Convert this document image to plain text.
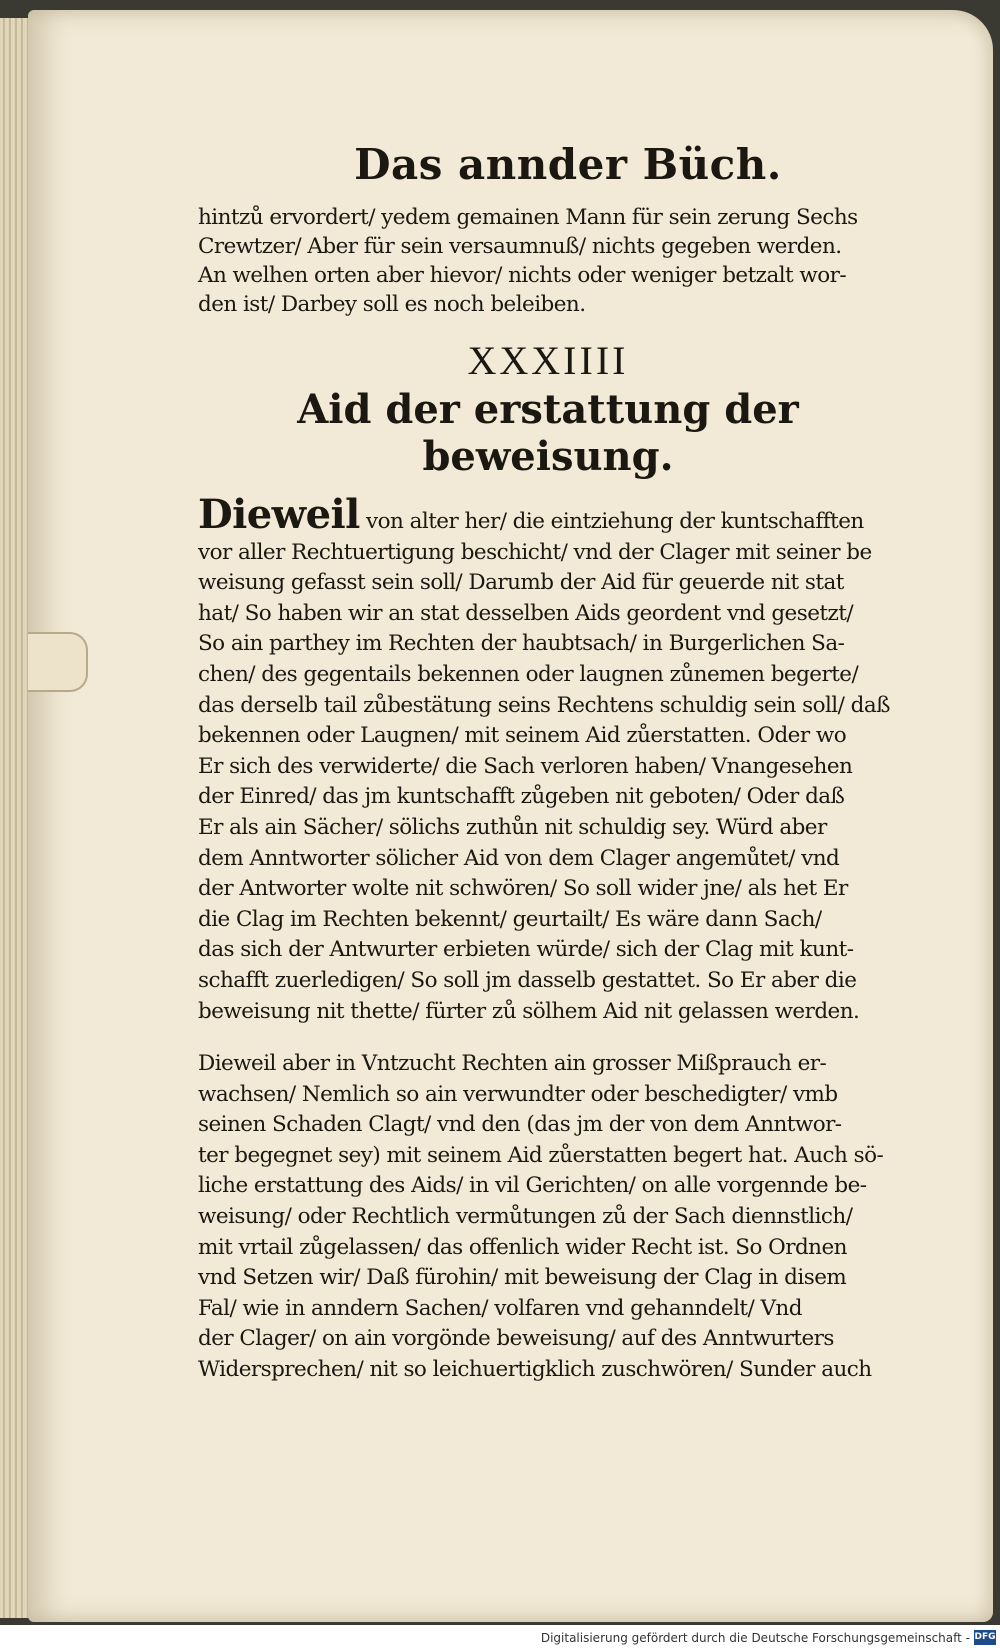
Das annder Büch.
hintzů ervordert/ yedem gemainen Mann für sein zerung Sechs
Crewtzer/ Aber für sein versaumnuß/ nichts gegeben werden.
An welhen orten aber hievor/ nichts oder weniger betzalt wor-
den ist/ Darbey soll es noch beleiben.
XXXIIII
Aid der erstattung der beweisung.
Dieweil von alter her/ die eintziehung der kuntschafften
vor aller Rechtuertigung beschicht/ vnd der Clager mit seiner be
weisung gefasst sein soll/ Darumb der Aid für geuerde nit stat
hat/ So haben wir an stat desselben Aids geordent vnd gesetzt/
So ain parthey im Rechten der haubtsach/ in Burgerlichen Sa-
chen/ des gegentails bekennen oder laugnen zůnemen begerte/
das derselb tail zůbestätung seins Rechtens schuldig sein soll/ daß
bekennen oder Laugnen/ mit seinem Aid zůerstatten. Oder wo
Er sich des verwiderte/ die Sach verloren haben/ Vnangesehen
der Einred/ das jm kuntschafft zůgeben nit geboten/ Oder daß
Er als ain Sächer/ sölichs zuthůn nit schuldig sey. Würd aber
dem Anntworter sölicher Aid von dem Clager angemůtet/ vnd
der Antworter wolte nit schwören/ So soll wider jne/ als het Er
die Clag im Rechten bekennt/ geurtailt/ Es wäre dann Sach/
das sich der Antwurter erbieten würde/ sich der Clag mit kunt-
schafft zuerledigen/ So soll jm dasselb gestattet. So Er aber die
beweisung nit thette/ fürter zů sölhem Aid nit gelassen werden.
Dieweil aber in Vntzucht Rechten ain grosser Mißprauch er-
wachsen/ Nemlich so ain verwundter oder beschedigter/ vmb
seinen Schaden Clagt/ vnd den (das jm der von dem Anntwor-
ter begegnet sey) mit seinem Aid zůerstatten begert hat. Auch sö-
liche erstattung des Aids/ in vil Gerichten/ on alle vorgennde be-
weisung/ oder Rechtlich vermůtungen zů der Sach diennstlich/
mit vrtail zůgelassen/ das offenlich wider Recht ist. So Ordnen
vnd Setzen wir/ Daß fürohin/ mit beweisung der Clag in disem
Fal/ wie in anndern Sachen/ volfaren vnd gehanndelt/ Vnd
der Clager/ on ain vorgönde beweisung/ auf des Anntwurters
Widersprechen/ nit so leichuertigklich zuschwören/ Sunder auch
Digitalisierung gefördert durch die Deutsche Forschungsgemeinschaft - DFG
